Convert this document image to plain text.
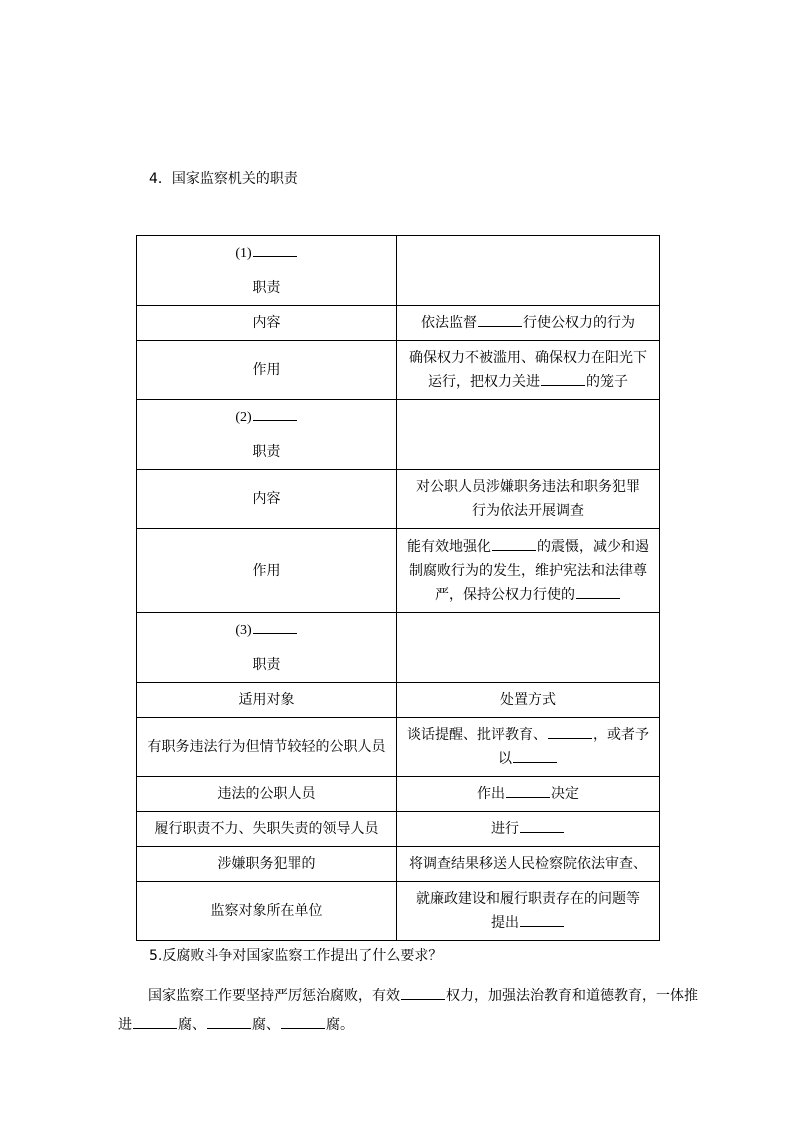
4．国家监察机关的职责
(1)
职责	

内容	依法监督 行使公权力的行为
作用	确保权力不被滥用、确保权力在阳光下
运行，把权力关进 的笼子

(2)
职责	

内容	对公职人员涉嫌职务违法和职务犯罪
行为依法开展调查

作用	能有效地强化 的震慑，减少和遏
制腐败行为的发生，维护宪法和法律尊
严，保持公权力行使的

(3)
职责	

适用对象	处置方式
有职务违法行为但情节较轻的公职人员	谈话提醒、批评教育、 ，或者予
以

违法的公职人员	作出 决定
履行职责不力、失职失责的领导人员	进行
涉嫌职务犯罪的	将调查结果移送人民检察院依法审查、
监察对象所在单位	就廉政建设和履行职责存在的问题等
提出
5.反腐败斗争对国家监察工作提出了什么要求？
国家监察工作要坚持严厉惩治腐败，有效	权力，加强法治教育和道德教育，一体推进	腐、	腐、	腐。
